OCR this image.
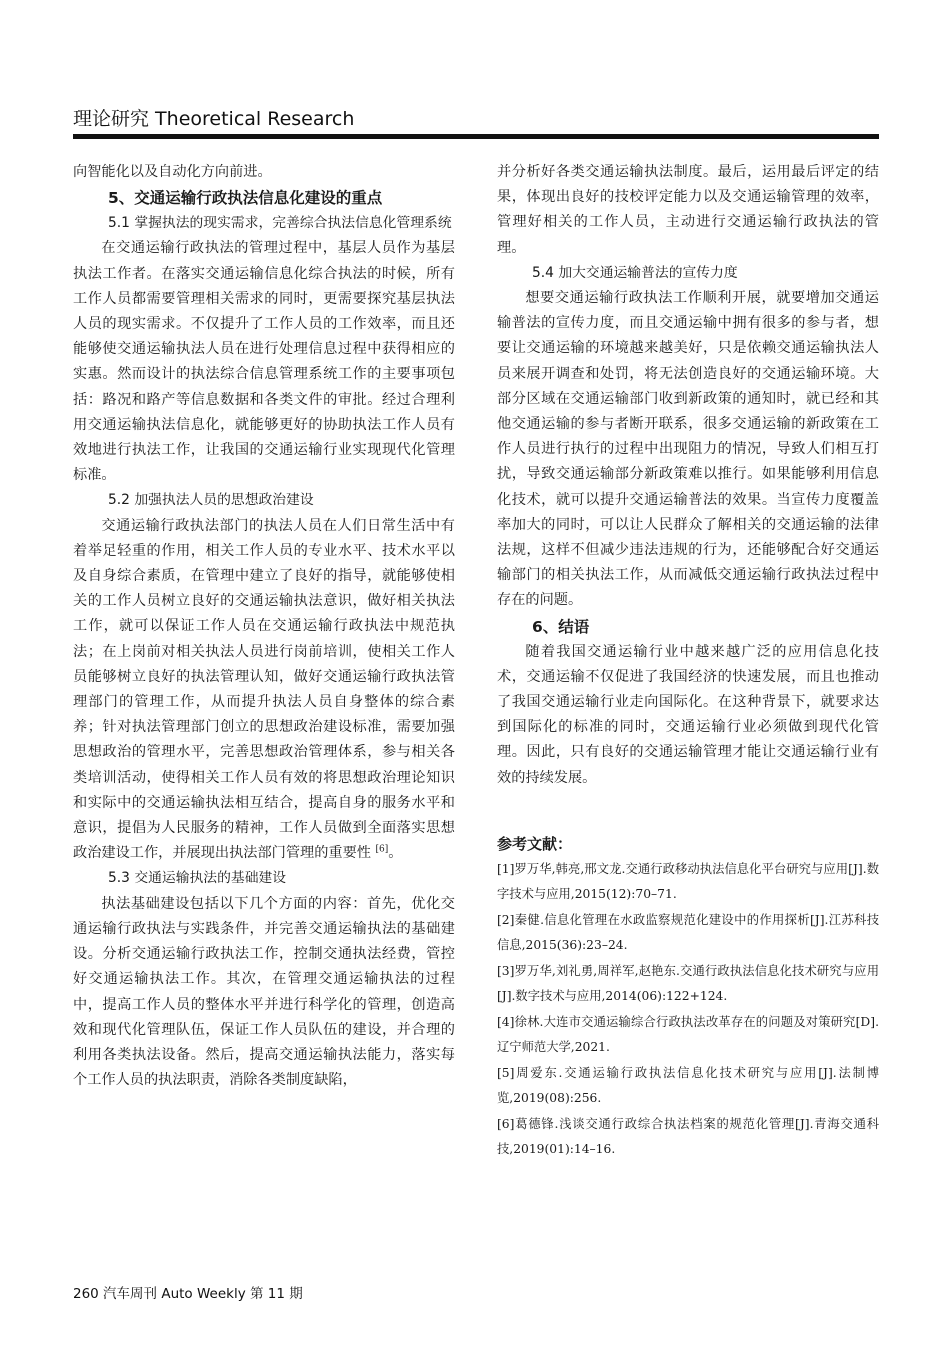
理论研究 Theoretical Research

向智能化以及自动化方向前进。

5、交通运输行政执法信息化建设的重点
5.1 掌握执法的现实需求，完善综合执法信息化管理系统

在交通运输行政执法的管理过程中，基层人员作为基层执法工作者。在落实交通运输信息化综合执法的时候，所有工作人员都需要管理相关需求的同时，更需要探究基层执法人员的现实需求。不仅提升了工作人员的工作效率，而且还能够使交通运输执法人员在进行处理信息过程中获得相应的实惠。然而设计的执法综合信息管理系统工作的主要事项包括：路况和路产等信息数据和各类文件的审批。经过合理利用交通运输执法信息化，就能够更好的协助执法工作人员有效地进行执法工作，让我国的交通运输行业实现现代化管理标准。

5.2 加强执法人员的思想政治建设

交通运输行政执法部门的执法人员在人们日常生活中有着举足轻重的作用，相关工作人员的专业水平、技术水平以及自身综合素质，在管理中建立了良好的指导，就能够使相关的工作人员树立良好的交通运输执法意识，做好相关执法工作，就可以保证工作人员在交通运输行政执法中规范执法；在上岗前对相关执法人员进行岗前培训，使相关工作人员能够树立良好的执法管理认知，做好交通运输行政执法管理部门的管理工作，从而提升执法人员自身整体的综合素养；针对执法管理部门创立的思想政治建设标准，需要加强思想政治的管理水平，完善思想政治管理体系，参与相关各类培训活动，使得相关工作人员有效的将思想政治理论知识和实际中的交通运输执法相互结合，提高自身的服务水平和意识，提倡为人民服务的精神，工作人员做到全面落实思想政治建设工作，并展现出执法部门管理的重要性 [6]。

5.3 交通运输执法的基础建设

执法基础建设包括以下几个方面的内容：首先，优化交通运输行政执法与实践条件，并完善交通运输执法的基础建设。分析交通运输行政执法工作，控制交通执法经费，管控好交通运输执法工作。其次，在管理交通运输执法的过程中，提高工作人员的整体水平并进行科学化的管理，创造高效和现代化管理队伍，保证工作人员队伍的建设，并合理的利用各类执法设备。然后，提高交通运输执法能力，落实每个工作人员的执法职责，消除各类制度缺陷，

并分析好各类交通运输执法制度。最后，运用最后评定的结果，体现出良好的技校评定能力以及交通运输管理的效率，管理好相关的工作人员，主动进行交通运输行政执法的管理。

5.4 加大交通运输普法的宣传力度

想要交通运输行政执法工作顺利开展，就要增加交通运输普法的宣传力度，而且交通运输中拥有很多的参与者，想要让交通运输的环境越来越美好，只是依赖交通运输执法人员来展开调查和处罚，将无法创造良好的交通运输环境。大部分区域在交通运输部门收到新政策的通知时，就已经和其他交通运输的参与者断开联系，很多交通运输的新政策在工作人员进行执行的过程中出现阻力的情况，导致人们相互打扰，导致交通运输部分新政策难以推行。如果能够利用信息化技术，就可以提升交通运输普法的效果。当宣传力度覆盖率加大的同时，可以让人民群众了解相关的交通运输的法律法规，这样不但减少违法违规的行为，还能够配合好交通运输部门的相关执法工作，从而减低交通运输行政执法过程中存在的问题。

6、结语

随着我国交通运输行业中越来越广泛的应用信息化技术，交通运输不仅促进了我国经济的快速发展，而且也推动了我国交通运输行业走向国际化。在这种背景下，就要求达到国际化的标准的同时，交通运输行业必须做到现代化管理。因此，只有良好的交通运输管理才能让交通运输行业有效的持续发展。

参考文献：
[1]罗万华,韩亮,邢文龙.交通行政移动执法信息化平台研究与应用[J].数字技术与应用,2015(12):70–71.
[2]秦健.信息化管理在水政监察规范化建设中的作用探析[J].江苏科技信息,2015(36):23–24.
[3]罗万华,刘礼勇,周祥军,赵艳东.交通行政执法信息化技术研究与应用[J].数字技术与应用,2014(06):122+124.
[4]徐林.大连市交通运输综合行政执法改革存在的问题及对策研究[D].辽宁师范大学,2021.
[5]周爱东.交通运输行政执法信息化技术研究与应用[J].法制博览,2019(08):256.
[6]葛德锋.浅谈交通行政综合执法档案的规范化管理[J].青海交通科技,2019(01):14–16.
260 汽车周刊 Auto Weekly 第 11 期
